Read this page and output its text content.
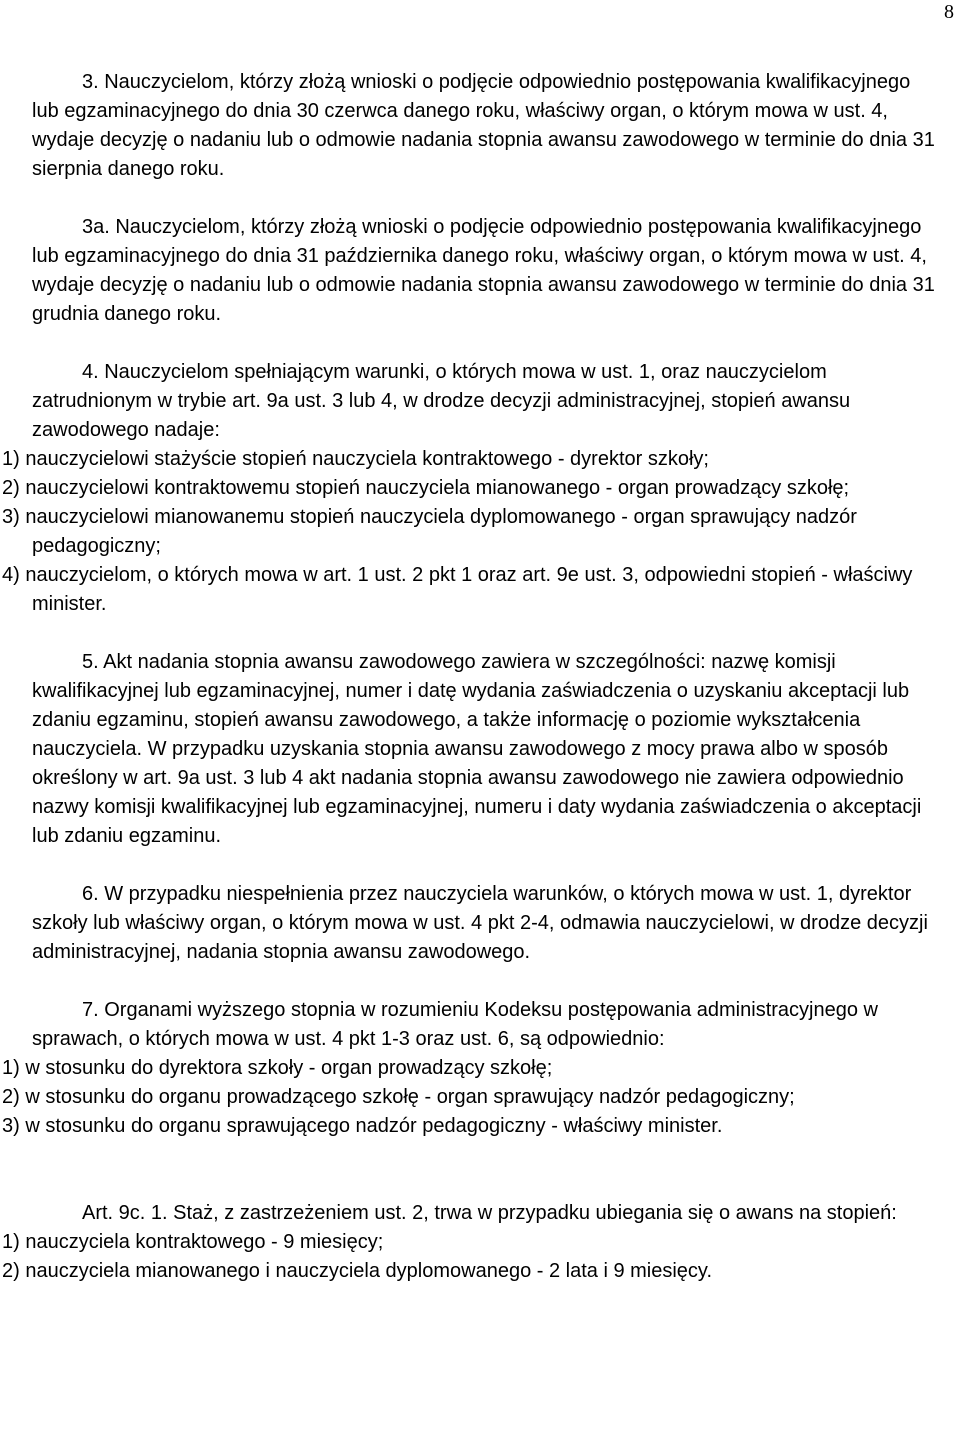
8

3. Nauczycielom, którzy złożą wnioski o podjęcie odpowiednio postępowania kwalifikacyjnego lub egzaminacyjnego do dnia 30 czerwca danego roku, właściwy organ, o którym mowa w ust. 4, wydaje decyzję o nadaniu lub o odmowie nadania stopnia awansu zawodowego w terminie do dnia 31 sierpnia danego roku.

3a. Nauczycielom, którzy złożą wnioski o podjęcie odpowiednio postępowania kwalifikacyjnego lub egzaminacyjnego do dnia 31 października danego roku, właściwy organ, o którym mowa w ust. 4, wydaje decyzję o nadaniu lub o odmowie nadania stopnia awansu zawodowego w terminie do dnia 31 grudnia danego roku.

4. Nauczycielom spełniającym warunki, o których mowa w ust. 1, oraz nauczycielom zatrudnionym w trybie art. 9a ust. 3 lub 4, w drodze decyzji administracyjnej, stopień awansu zawodowego nadaje:

1) nauczycielowi stażyście stopień nauczyciela kontraktowego - dyrektor szkoły;

2) nauczycielowi kontraktowemu stopień nauczyciela mianowanego - organ prowadzący szkołę;

3) nauczycielowi mianowanemu stopień nauczyciela dyplomowanego - organ sprawujący nadzór pedagogiczny;

4) nauczycielom, o których mowa w art. 1 ust. 2 pkt 1 oraz art. 9e ust. 3, odpowiedni stopień - właściwy minister.

5. Akt nadania stopnia awansu zawodowego zawiera w szczególności: nazwę komisji kwalifikacyjnej lub egzaminacyjnej, numer i datę wydania zaświadczenia o uzyskaniu akceptacji lub zdaniu egzaminu, stopień awansu zawodowego, a także informację o poziomie wykształcenia nauczyciela. W przypadku uzyskania stopnia awansu zawodowego z mocy prawa albo w sposób określony w art. 9a ust. 3 lub 4 akt nadania stopnia awansu zawodowego nie zawiera odpowiednio nazwy komisji kwalifikacyjnej lub egzaminacyjnej, numeru i daty wydania zaświadczenia o akceptacji lub zdaniu egzaminu.

6. W przypadku niespełnienia przez nauczyciela warunków, o których mowa w ust. 1, dyrektor szkoły lub właściwy organ, o którym mowa w ust. 4 pkt 2-4, odmawia nauczycielowi, w drodze decyzji administracyjnej, nadania stopnia awansu zawodowego.

7. Organami wyższego stopnia w rozumieniu Kodeksu postępowania administracyjnego w sprawach, o których mowa w ust. 4 pkt 1-3 oraz ust. 6, są odpowiednio:

1) w stosunku do dyrektora szkoły - organ prowadzący szkołę;

2) w stosunku do organu prowadzącego szkołę - organ sprawujący nadzór pedagogiczny;

3) w stosunku do organu sprawującego nadzór pedagogiczny - właściwy minister.

Art. 9c. 1. Staż, z zastrzeżeniem ust. 2, trwa w przypadku ubiegania się o awans na stopień:

1) nauczyciela kontraktowego - 9 miesięcy;

2) nauczyciela mianowanego i nauczyciela dyplomowanego - 2 lata i 9 miesięcy.
